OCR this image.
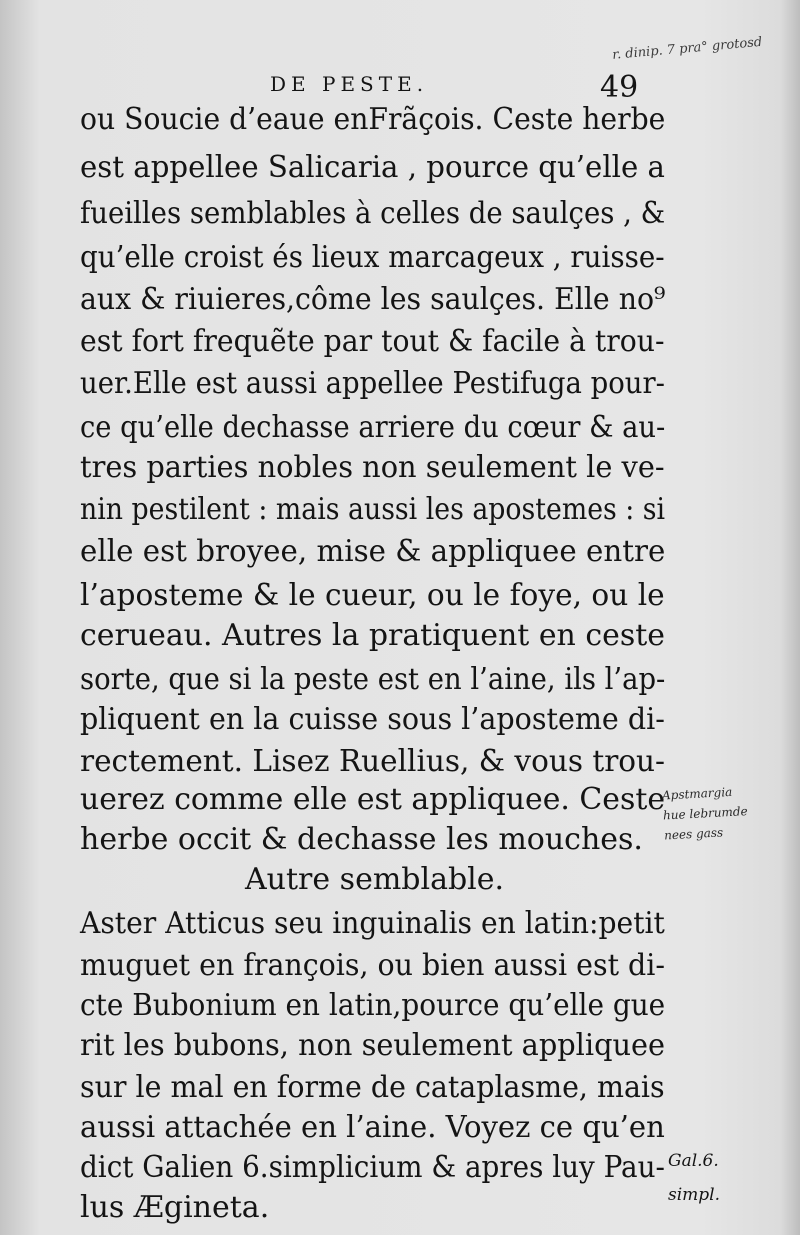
DE PESTE.	49
r. dinip. 7 pra° grotosd
ou Soucie d’eaue enFrãçois. Ceste herbe
est appellee Salicaria , pource qu’elle a
fueilles semblables à celles de saulçes , &
qu’elle croist és lieux marcageux , ruisse-
aux & riuieres,côme les saulçes. Elle no⁹
est fort frequẽte par tout & facile à trou-
uer.Elle est aussi appellee Pestifuga pour-
ce qu’elle dechasse arriere du cœur & au-
tres parties nobles non seulement le ve-
nin pestilent : mais aussi les apostemes : si
elle est broyee, mise & appliquee entre
l’aposteme & le cueur, ou le foye, ou le
cerueau. Autres la pratiquent en ceste
sorte, que si la peste est en l’aine, ils l’ap-
pliquent en la cuisse sous l’aposteme di-
rectement. Lisez Ruellius, & vous trou-
uerez comme elle est appliquee. Ceste
herbe occit & dechasse les mouches.
Autre semblable.
Aster Atticus seu inguinalis en latin:petit
muguet en françois, ou bien aussi est di-
cte Bubonium en latin,pource qu’elle gue
rit les bubons, non seulement appliquee
sur le mal en forme de cataplasme, mais
aussi attachée en l’aine. Voyez ce qu’en
dict Galien 6.simplicium & apres luy Pau-
lus Ægineta.
Apstmargia
hue lebrumde
nees gass
Gal.6.
simpl.
